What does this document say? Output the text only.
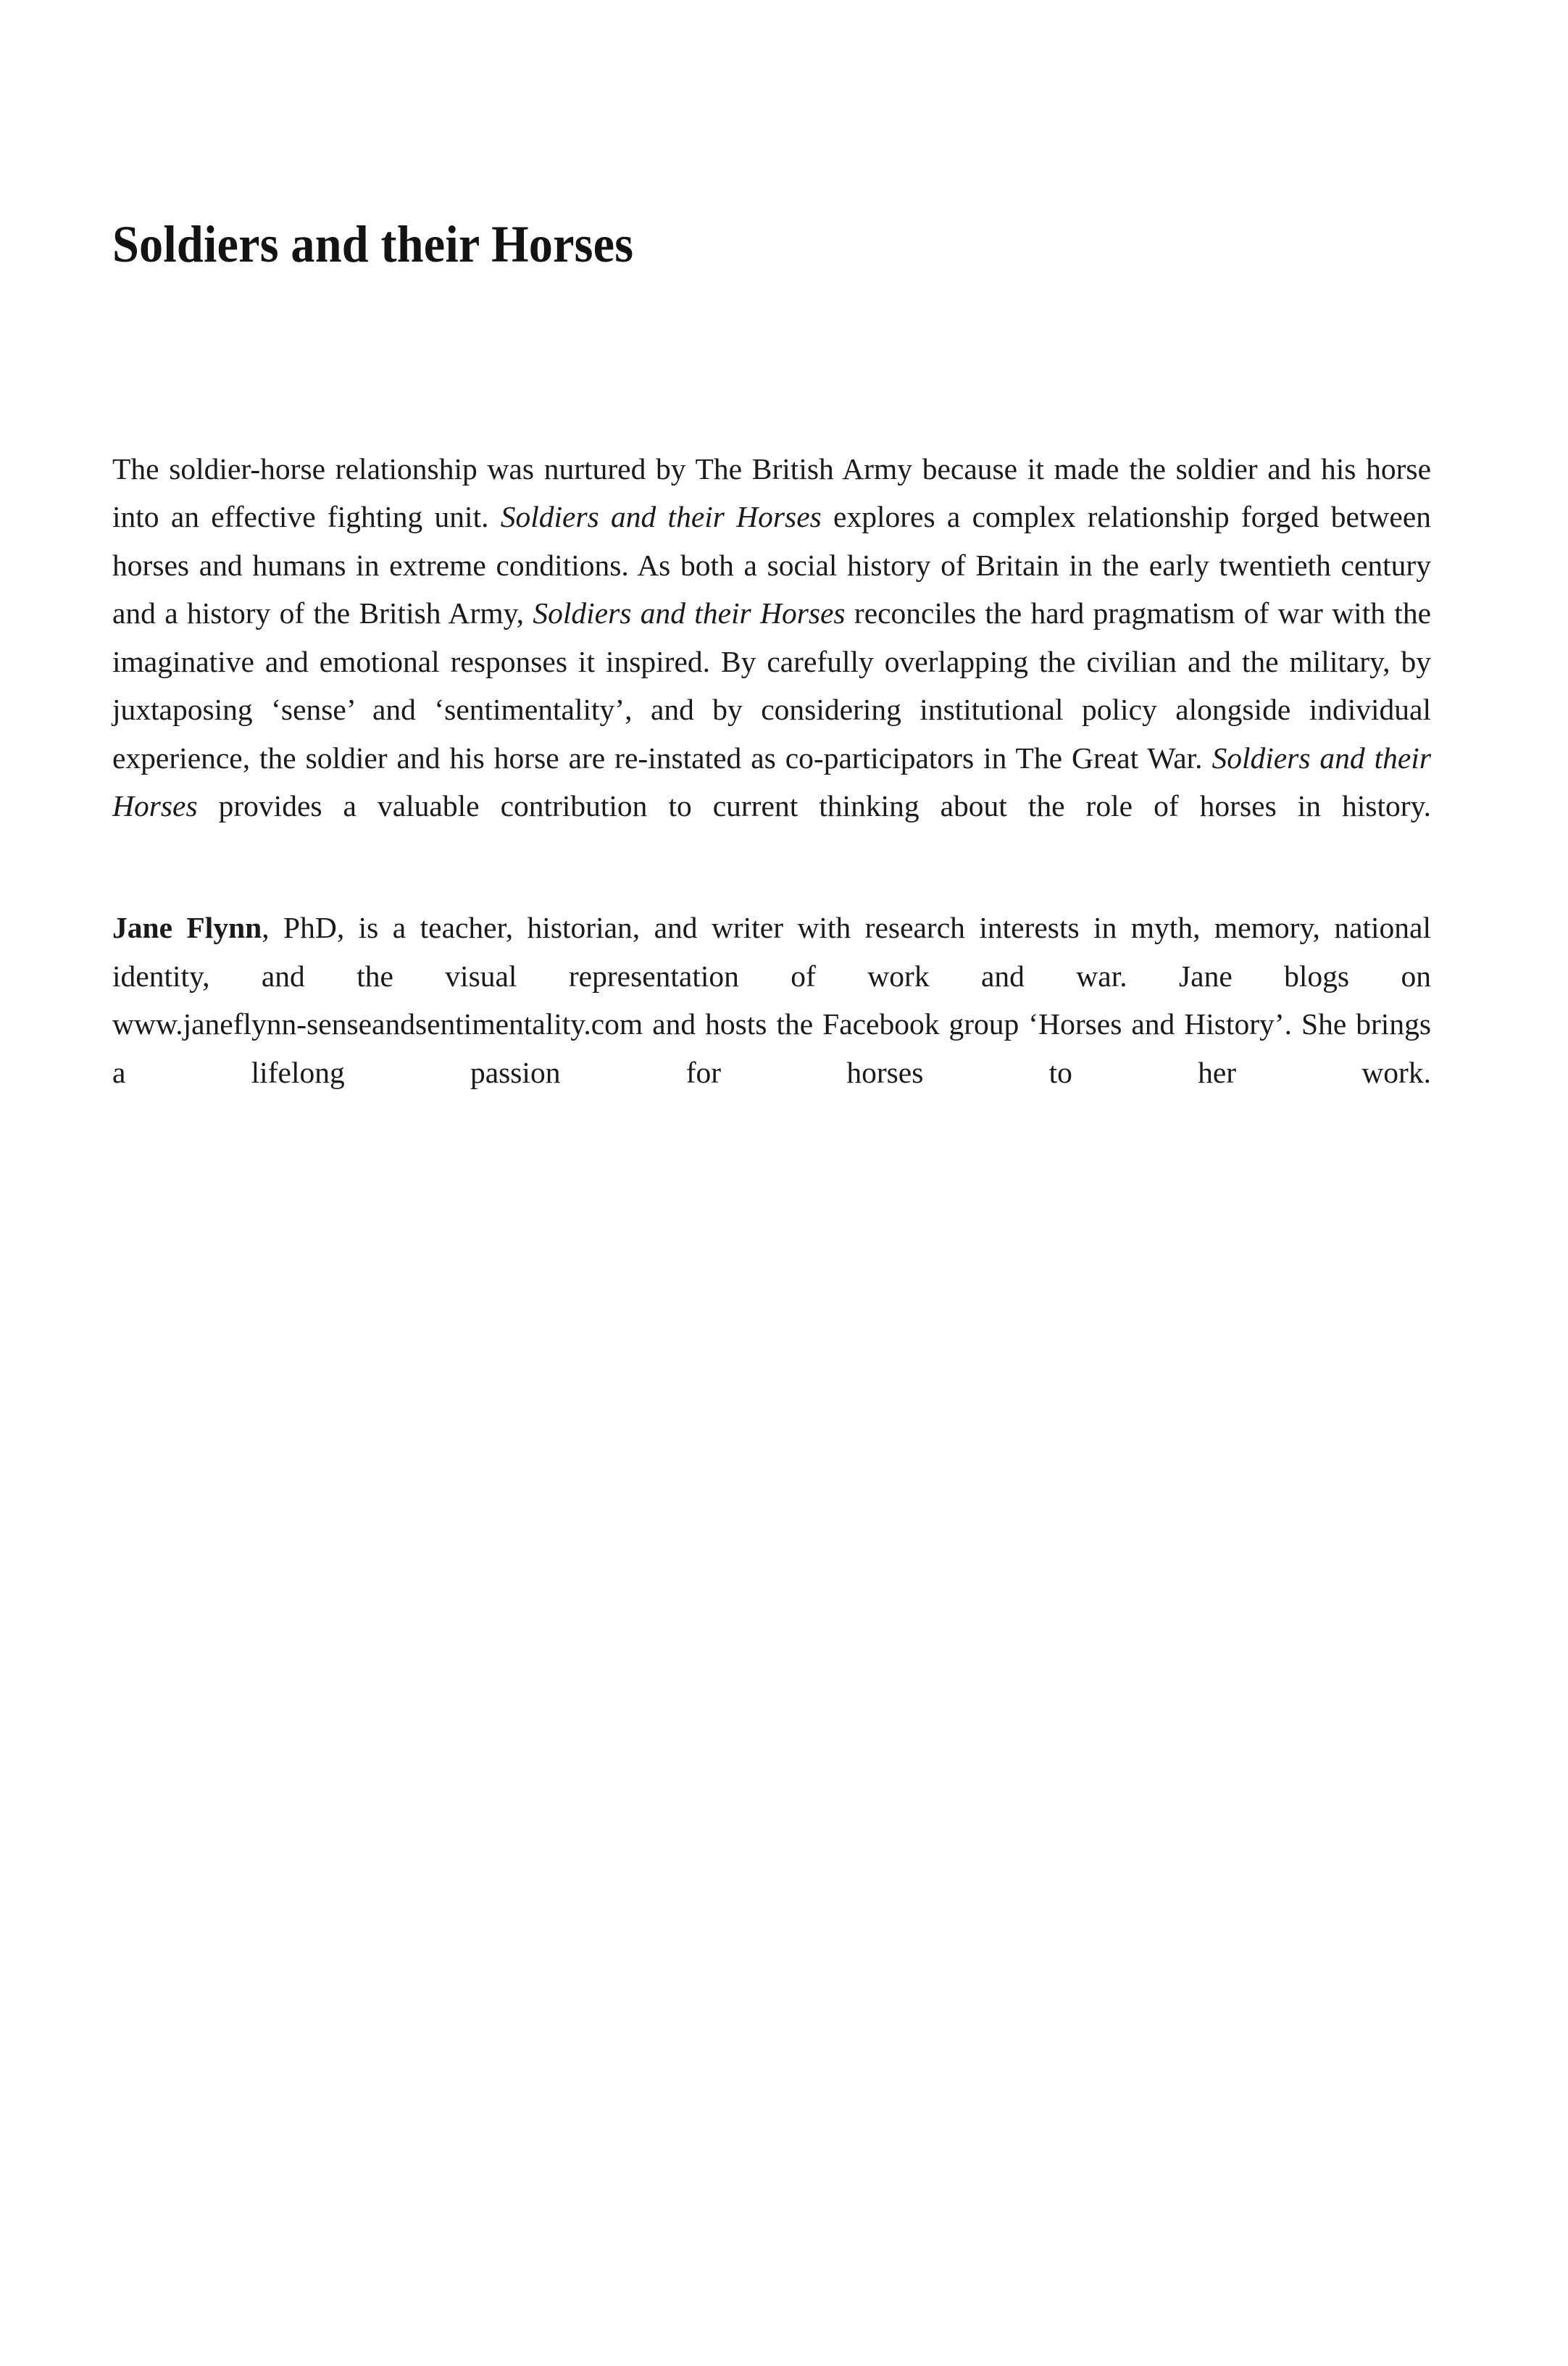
Soldiers and their Horses

The soldier-horse relationship was nurtured by The British Army because it made the soldier and his horse into an effective fighting unit. Soldiers and their Horses explores a complex relationship forged between horses and humans in extreme conditions. As both a social history of Britain in the early twentieth century and a history of the British Army, Soldiers and their Horses reconciles the hard pragmatism of war with the imaginative and emotional responses it inspired. By carefully overlapping the civilian and the military, by juxtaposing ‘sense’ and ‘sentimentality’, and by considering institutional policy alongside individual experience, the soldier and his horse are re-instated as co-participators in The Great War. Soldiers and their Horses provides a valuable contribution to current thinking about the role of horses in history.

Jane Flynn, PhD, is a teacher, historian, and writer with research interests in myth, memory, national identity, and the visual representation of work and war. Jane blogs on www.janeflynn-senseandsentimentality.com and hosts the Facebook group ‘Horses and History’. She brings a lifelong passion for horses to her work.
